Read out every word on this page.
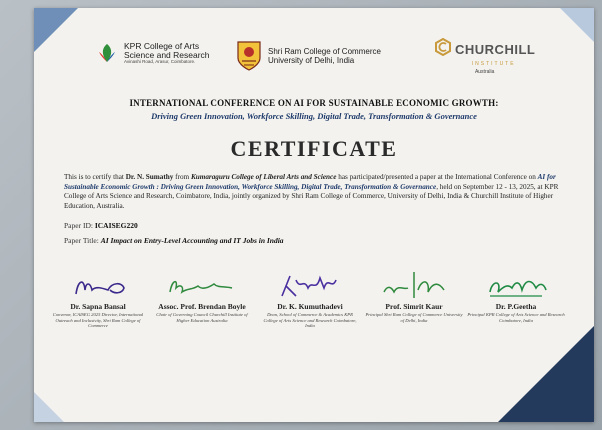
KPR College of Arts
Science and Research
Avinashi Road, Arasur, Coimbatore.
Shri Ram College of Commerce
University of Delhi, India
CHURCHILL
INSTITUTE
Australia
INTERNATIONAL CONFERENCE ON AI FOR SUSTAINABLE ECONOMIC GROWTH:
Driving Green Innovation, Workforce Skilling, Digital Trade, Transformation & Governance
CERTIFICATE
This is to certify that Dr. N. Sumathy from Kumaraguru College of Liberal Arts and Science has participated/presented a paper at the International Conference on AI for Sustainable Economic Growth : Driving Green Innovation, Workforce Skilling, Digital Trade, Transformation & Governance, held on September 12 - 13, 2025, at KPR College of Arts Science and Research, Coimbatore, India, jointly organized by Shri Ram College of Commerce, University of Delhi, India & Churchill Institute of Higher Education, Australia.
Paper ID: ICAISEG220
Paper Title: AI Impact on Entry-Level Accounting and IT Jobs in India
Dr. Sapna Bansal
Convenor, ICAISEG 2025 Director, International Outreach and Inclusivity, Shri Ram College of Commerce
Assoc. Prof. Brendan Boyle
Chair of Governing Council Churchill Institute of Higher Education Australia
Dr. K. Kumuthadevi
Dean, School of Commerce & Academics KPR College of Arts Science and Research Coimbatore, India
Prof. Simrit Kaur
Principal Shri Ram College of Commerce University of Delhi, India
Dr. P.Geetha
Principal KPR College of Arts Science and Research Coimbatore, India
